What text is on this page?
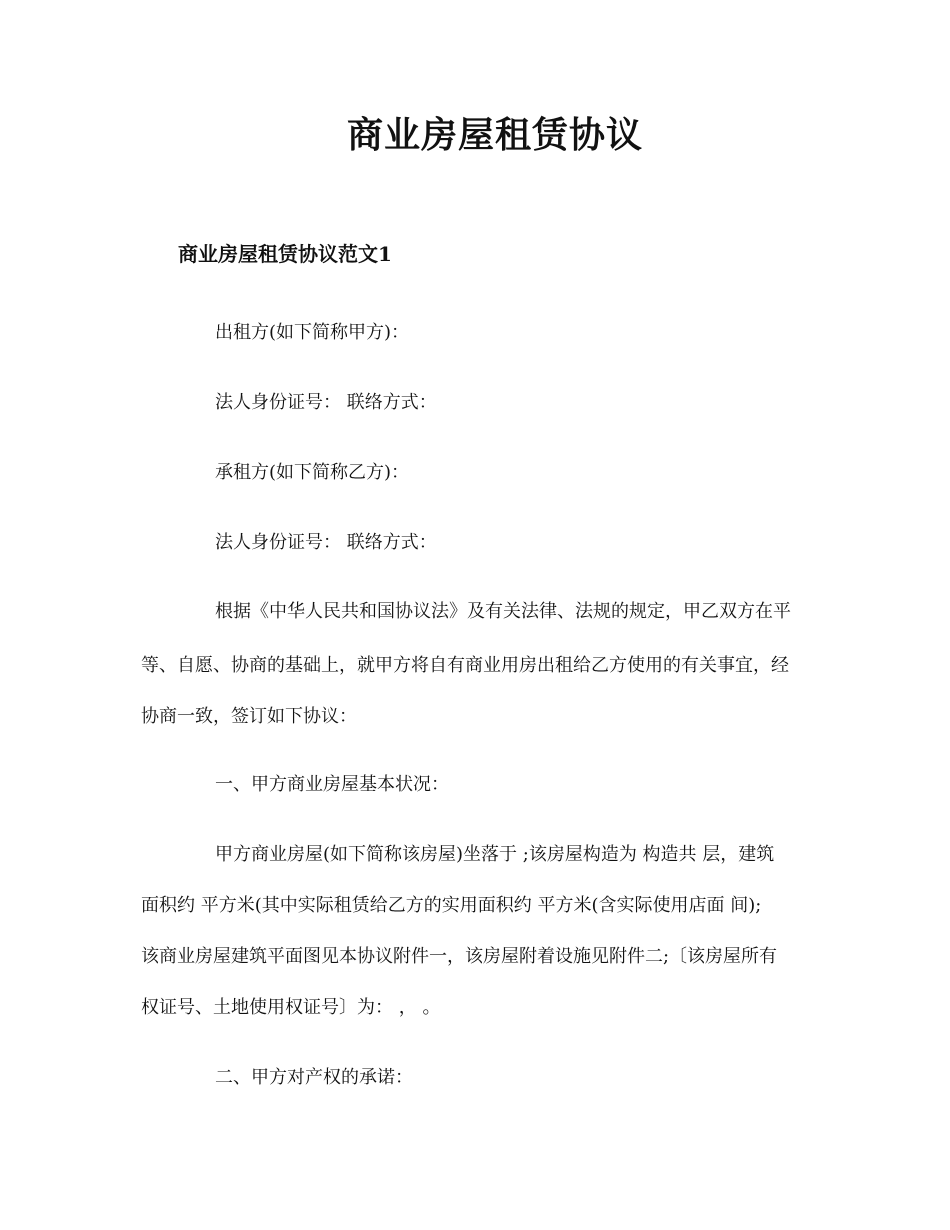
商业房屋租赁协议
商业房屋租赁协议范文1
出租方(如下简称甲方)：
法人身份证号： 联络方式：
承租方(如下简称乙方)：
法人身份证号： 联络方式：
根据《中华人民共和国协议法》及有关法律、法规的规定，甲乙双方在平
等、自愿、协商的基础上，就甲方将自有商业用房出租给乙方使用的有关事宜，经
协商一致，签订如下协议：
一、甲方商业房屋基本状况：
甲方商业房屋(如下简称该房屋)坐落于 ;该房屋构造为 构造共 层，建筑
面积约 平方米(其中实际租赁给乙方的实用面积约 平方米(含实际使用店面 间);
该商业房屋建筑平面图见本协议附件一，该房屋附着设施见附件二;〔该房屋所有
权证号、土地使用权证号〕为： ， 。
二、甲方对产权的承诺：
